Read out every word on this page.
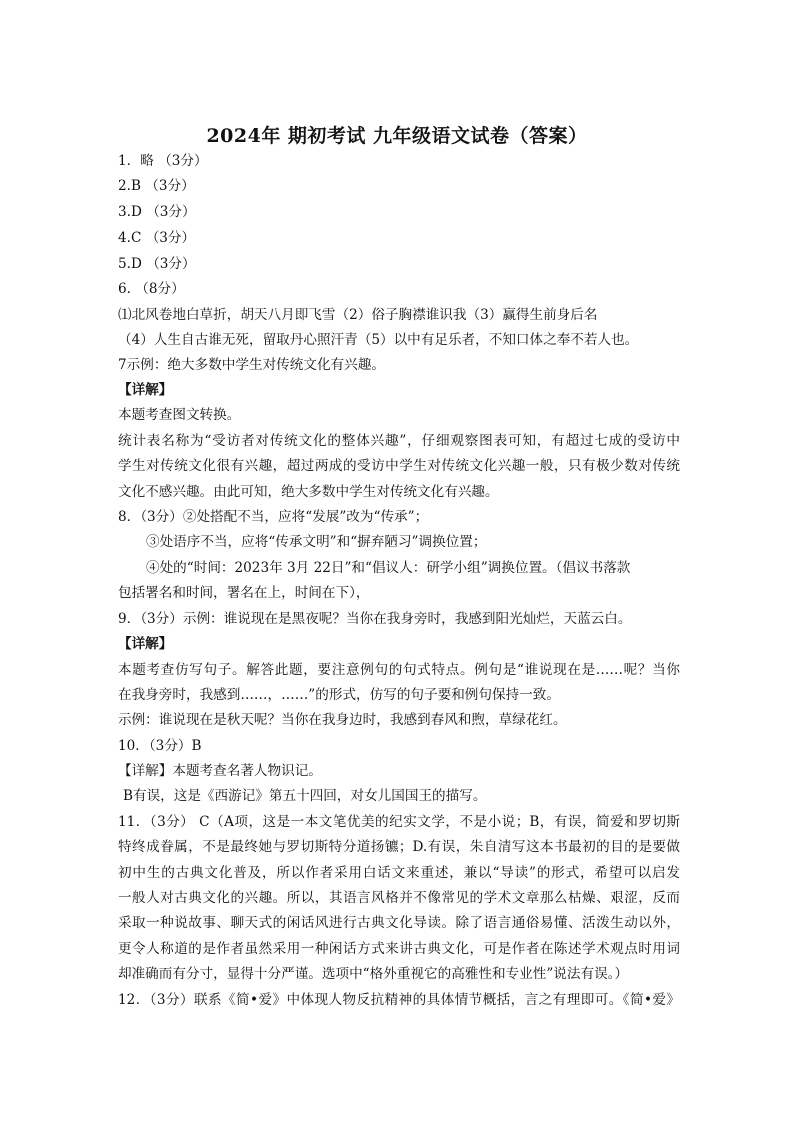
2024年 期初考试 九年级语文试卷（答案）
1．略 （3分）
2.B （3分）
3.D （3分）
4.C （3分）
5.D （3分）
6. （8分）
⑴北风卷地白草折，胡天八月即飞雪（2）俗子胸襟谁识我（3）赢得生前身后名
（4）人生自古谁无死，留取丹心照汗青（5）以中有足乐者，不知口体之奉不若人也。
7示例：绝大多数中学生对传统文化有兴趣。
【详解】
本题考查图文转换。
统计表名称为“受访者对传统文化的整体兴趣”，仔细观察图表可知，有超过七成的受访中
学生对传统文化很有兴趣，超过两成的受访中学生对传统文化兴趣一般，只有极少数对传统
文化不感兴趣。由此可知，绝大多数中学生对传统文化有兴趣。
8．（3分）②处搭配不当，应将“发展”改为“传承”；
③处语序不当，应将“传承文明”和“摒弃陋习”调换位置；
④处的“时间：2023年 3月 22日”和“倡议人：研学小组”调换位置。（倡议书落款
包括署名和时间，署名在上，时间在下），
9．（3分）示例：谁说现在是黑夜呢？当你在我身旁时，我感到阳光灿烂，天蓝云白。
【详解】
本题考查仿写句子。解答此题，要注意例句的句式特点。例句是“谁说现在是……呢？当你
在我身旁时，我感到……，……”的形式，仿写的句子要和例句保持一致。
示例：谁说现在是秋天呢？当你在我身边时，我感到春风和煦，草绿花红。
10．（3分）B
【详解】本题考查名著人物识记。
B有误，这是《西游记》第五十四回，对女儿国国王的描写。
11．（3分） C（A项，这是一本文笔优美的纪实文学，不是小说；B，有误，简爱和罗切斯
特终成眷属，不是最终她与罗切斯特分道扬镳；D.有误，朱自清写这本书最初的目的是要做
初中生的古典文化普及，所以作者采用白话文来重述，兼以“导读”的形式，希望可以启发
一般人对古典文化的兴趣。所以，其语言风格并不像常见的学术文章那么枯燥、艰涩，反而
采取一种说故事、聊天式的闲话风进行古典文化导读。除了语言通俗易懂、活泼生动以外，
更令人称道的是作者虽然采用一种闲话方式来讲古典文化，可是作者在陈述学术观点时用词
却准确而有分寸，显得十分严谨。选项中“格外重视它的高雅性和专业性”说法有误。）
12．（3分）联系《简•爱》中体现人物反抗精神的具体情节概括，言之有理即可。《简•爱》
